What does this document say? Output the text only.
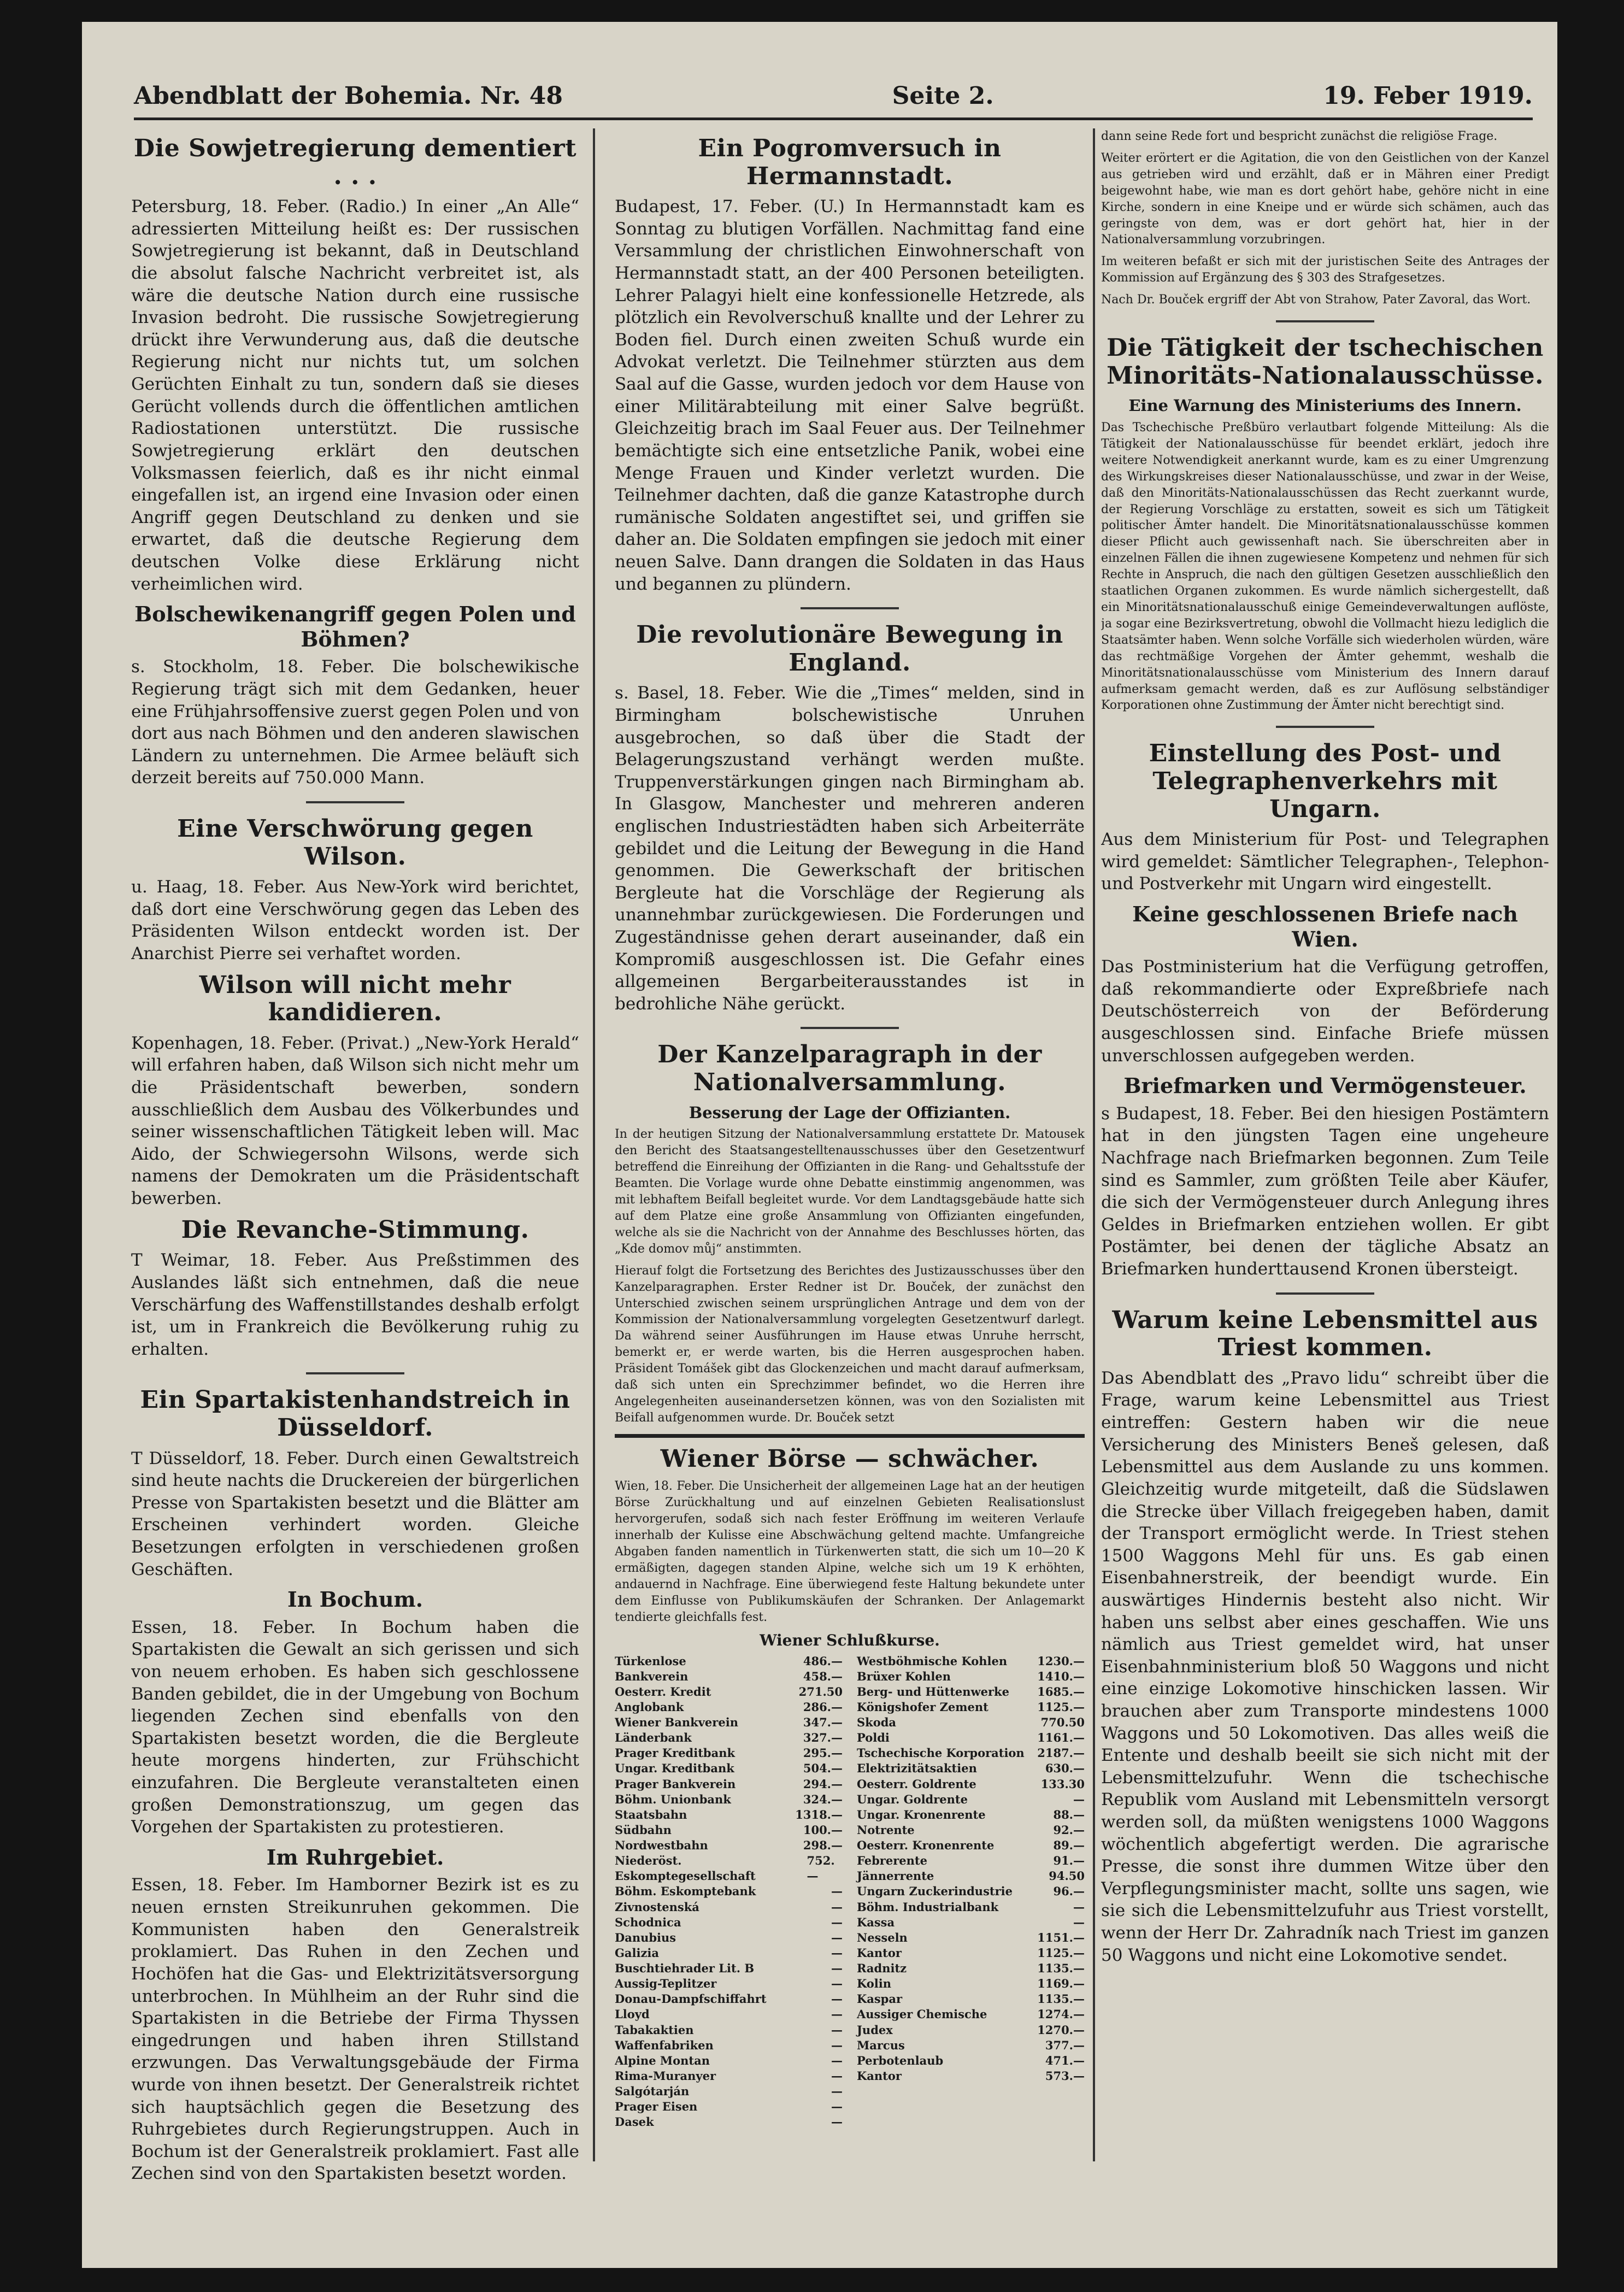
Abendblatt der Bohemia. Nr. 48	Seite 2.	19. Feber 1919.
Die Sowjetregierung dementiert . . .

Petersburg, 18. Feber. (Radio.) In einer „An Alle“ adressierten Mitteilung heißt es: Der russischen Sowjetregierung ist bekannt, daß in Deutschland die absolut falsche Nachricht verbreitet ist, als wäre die deutsche Nation durch eine russische Invasion bedroht. Die russische Sowjetregierung drückt ihre Verwunderung aus, daß die deutsche Regierung nicht nur nichts tut, um solchen Gerüchten Einhalt zu tun, sondern daß sie dieses Gerücht vollends durch die öffentlichen amtlichen Radiostationen unterstützt. Die russische Sowjetregierung erklärt den deutschen Volksmassen feierlich, daß es ihr nicht einmal eingefallen ist, an irgend eine Invasion oder einen Angriff gegen Deutschland zu denken und sie erwartet, daß die deutsche Regierung dem deutschen Volke diese Erklärung nicht verheimlichen wird.

Bolschewikenangriff gegen Polen und Böhmen?

s. Stockholm, 18. Feber. Die bolschewikische Regierung trägt sich mit dem Gedanken, heuer eine Frühjahrsoffensive zuerst gegen Polen und von dort aus nach Böhmen und den anderen slawischen Ländern zu unternehmen. Die Armee beläuft sich derzeit bereits auf 750.000 Mann.

Eine Verschwörung gegen Wilson.

u. Haag, 18. Feber. Aus New-York wird berichtet, daß dort eine Verschwörung gegen das Leben des Präsidenten Wilson entdeckt worden ist. Der Anarchist Pierre sei verhaftet worden.

Wilson will nicht mehr kandidieren.

Kopenhagen, 18. Feber. (Privat.) „New-York Herald“ will erfahren haben, daß Wilson sich nicht mehr um die Präsidentschaft bewerben, sondern ausschließlich dem Ausbau des Völkerbundes und seiner wissenschaftlichen Tätigkeit leben will. Mac Aido, der Schwiegersohn Wilsons, werde sich namens der Demokraten um die Präsidentschaft bewerben.

Die Revanche-Stimmung.

T Weimar, 18. Feber. Aus Preßstimmen des Auslandes läßt sich entnehmen, daß die neue Verschärfung des Waffenstillstandes deshalb erfolgt ist, um in Frankreich die Bevölkerung ruhig zu erhalten.

Ein Spartakistenhandstreich in Düsseldorf.

T Düsseldorf, 18. Feber. Durch einen Gewaltstreich sind heute nachts die Druckereien der bürgerlichen Presse von Spartakisten besetzt und die Blätter am Erscheinen verhindert worden. Gleiche Besetzungen erfolgten in verschiedenen großen Geschäften.

In Bochum.

Essen, 18. Feber. In Bochum haben die Spartakisten die Gewalt an sich gerissen und sich von neuem erhoben. Es haben sich geschlossene Banden gebildet, die in der Umgebung von Bochum liegenden Zechen sind ebenfalls von den Spartakisten besetzt worden, die die Bergleute heute morgens hinderten, zur Frühschicht einzufahren. Die Bergleute veranstalteten einen großen Demonstrationszug, um gegen das Vorgehen der Spartakisten zu protestieren.

Im Ruhrgebiet.

Essen, 18. Feber. Im Hamborner Bezirk ist es zu neuen ernsten Streikunruhen gekommen. Die Kommunisten haben den Generalstreik proklamiert. Das Ruhen in den Zechen und Hochöfen hat die Gas- und Elektrizitätsversorgung unterbrochen. In Mühlheim an der Ruhr sind die Spartakisten in die Betriebe der Firma Thyssen eingedrungen und haben ihren Stillstand erzwungen. Das Verwaltungsgebäude der Firma wurde von ihnen besetzt. Der Generalstreik richtet sich hauptsächlich gegen die Besetzung des Ruhrgebietes durch Regierungstruppen. Auch in Bochum ist der Generalstreik proklamiert. Fast alle Zechen sind von den Spartakisten besetzt worden.

Ein Pogromversuch in Hermannstadt.

Budapest, 17. Feber. (U.) In Hermannstadt kam es Sonntag zu blutigen Vorfällen. Nachmittag fand eine Versammlung der christlichen Einwohnerschaft von Hermannstadt statt, an der 400 Personen beteiligten. Lehrer Palagyi hielt eine konfessionelle Hetzrede, als plötzlich ein Revolverschuß knallte und der Lehrer zu Boden fiel. Durch einen zweiten Schuß wurde ein Advokat verletzt. Die Teilnehmer stürzten aus dem Saal auf die Gasse, wurden jedoch vor dem Hause von einer Militärabteilung mit einer Salve begrüßt. Gleichzeitig brach im Saal Feuer aus. Der Teilnehmer bemächtigte sich eine entsetzliche Panik, wobei eine Menge Frauen und Kinder verletzt wurden. Die Teilnehmer dachten, daß die ganze Katastrophe durch rumänische Soldaten angestiftet sei, und griffen sie daher an. Die Soldaten empfingen sie jedoch mit einer neuen Salve. Dann drangen die Soldaten in das Haus und begannen zu plündern.

Die revolutionäre Bewegung in England.

s. Basel, 18. Feber. Wie die „Times“ melden, sind in Birmingham bolschewistische Unruhen ausgebrochen, so daß über die Stadt der Belagerungszustand verhängt werden mußte. Truppenverstärkungen gingen nach Birmingham ab. In Glasgow, Manchester und mehreren anderen englischen Industriestädten haben sich Arbeiterräte gebildet und die Leitung der Bewegung in die Hand genommen. Die Gewerkschaft der britischen Bergleute hat die Vorschläge der Regierung als unannehmbar zurückgewiesen. Die Forderungen und Zugeständnisse gehen derart auseinander, daß ein Kompromiß ausgeschlossen ist. Die Gefahr eines allgemeinen Bergarbeiterausstandes ist in bedrohliche Nähe gerückt.

Der Kanzelparagraph in der Nationalversammlung.
Besserung der Lage der Offizianten.

In der heutigen Sitzung der Nationalversammlung erstattete Dr. Matousek den Bericht des Staatsangestelltenausschusses über den Gesetzentwurf betreffend die Einreihung der Offizianten in die Rang- und Gehaltsstufe der Beamten. Die Vorlage wurde ohne Debatte einstimmig angenommen, was mit lebhaftem Beifall begleitet wurde. Vor dem Landtagsgebäude hatte sich auf dem Platze eine große Ansammlung von Offizianten eingefunden, welche als sie die Nachricht von der Annahme des Beschlusses hörten, das „Kde domov můj“ anstimmten.

Hierauf folgt die Fortsetzung des Berichtes des Justizausschusses über den Kanzelparagraphen. Erster Redner ist Dr. Bouček, der zunächst den Unterschied zwischen seinem ursprünglichen Antrage und dem von der Kommission der Nationalversammlung vorgelegten Gesetzentwurf darlegt. Da während seiner Ausführungen im Hause etwas Unruhe herrscht, bemerkt er, er werde warten, bis die Herren ausgesprochen haben. Präsident Tomášek gibt das Glockenzeichen und macht darauf aufmerksam, daß sich unten ein Sprechzimmer befindet, wo die Herren ihre Angelegenheiten auseinandersetzen können, was von den Sozialisten mit Beifall aufgenommen wurde. Dr. Bouček setzt

Wiener Börse — schwächer.

Wien, 18. Feber. Die Unsicherheit der allgemeinen Lage hat an der heutigen Börse Zurückhaltung und auf einzelnen Gebieten Realisationslust hervorgerufen, sodaß sich nach fester Eröffnung im weiteren Verlaufe innerhalb der Kulisse eine Abschwächung geltend machte. Umfangreiche Abgaben fanden namentlich in Türkenwerten statt, die sich um 10—20 K ermäßigten, dagegen standen Alpine, welche sich um 19 K erhöhten, andauernd in Nachfrage. Eine überwiegend feste Haltung bekundete unter dem Einflusse von Publikumskäufen der Schranken. Der Anlagemarkt tendierte gleichfalls fest.

Wiener Schlußkurse.
Türkenlose	486.—
Bankverein	458.—
Oesterr. Kredit	271.50
Anglobank	286.—
Wiener Bankverein	347.—
Länderbank	327.—
Prager Kreditbank	295.—
Ungar. Kreditbank	504.—
Prager Bankverein	294.—
Böhm. Unionbank	324.—
Staatsbahn	1318.—
Südbahn	100.—
Nordwestbahn	298.—
Niederöst. Eskomptegesellschaft
752.—
Böhm. Eskomptebank	—
Zivnostenská	—
Schodnica	—
Danubius	—
Galizia	—
Buschtiehrader Lit. B	—
Aussig-Teplitzer	—
Donau-Dampfschiffahrt	—
Lloyd	—
Tabakaktien	—
Waffenfabriken	—
Alpine Montan	—
Rima-Muranyer	—
Salgótarján	—
Prager Eisen	—
Dasek	—
Westböhmische Kohlen	1230.—
Brüxer Kohlen	1410.—
Berg- und Hüttenwerke 1685.—
Königshofer Zement	1125.—
Skoda	770.50
Poldi	1161.—
Tschechische Korporation 2187.—
Elektrizitätsaktien	630.—
Oesterr. Goldrente	133.30
Ungar. Goldrente	—
Ungar. Kronenrente	88.—
Notrente	92.—
Oesterr. Kronenrente	89.—
Febrerente	91.—
Jännerrente	94.50
Ungarn Zuckerindustrie	96.—
Böhm. Industrialbank	—
Kassa	—
Nesseln	1151.—
Kantor	1125.—
Radnitz	1135.—
Kolin	1169.—
Kaspar	1135.—
Aussiger Chemische	1274.—
Judex	1270.—
Marcus	377.—
Perbotenlaub	471.—
Kantor	573.—

dann seine Rede fort und bespricht zunächst die religiöse Frage.

Weiter erörtert er die Agitation, die von den Geistlichen von der Kanzel aus getrieben wird und erzählt, daß er in Mähren einer Predigt beigewohnt habe, wie man es dort gehört habe, gehöre nicht in eine Kirche, sondern in eine Kneipe und er würde sich schämen, auch das geringste von dem, was er dort gehört hat, hier in der Nationalversammlung vorzubringen.

Im weiteren befaßt er sich mit der juristischen Seite des Antrages der Kommission auf Ergänzung des § 303 des Strafgesetzes.

Nach Dr. Bouček ergriff der Abt von Strahow, Pater Zavoral, das Wort.

Die Tätigkeit der tschechischen Minoritäts-Nationalausschüsse.
Eine Warnung des Ministeriums des Innern.

Das Tschechische Preßbüro verlautbart folgende Mitteilung: Als die Tätigkeit der Nationalausschüsse für beendet erklärt, jedoch ihre weitere Notwendigkeit anerkannt wurde, kam es zu einer Umgrenzung des Wirkungskreises dieser Nationalausschüsse, und zwar in der Weise, daß den Minoritäts-Nationalausschüssen das Recht zuerkannt wurde, der Regierung Vorschläge zu erstatten, soweit es sich um Tätigkeit politischer Ämter handelt. Die Minoritätsnationalausschüsse kommen dieser Pflicht auch gewissenhaft nach. Sie überschreiten aber in einzelnen Fällen die ihnen zugewiesene Kompetenz und nehmen für sich Rechte in Anspruch, die nach den gültigen Gesetzen ausschließlich den staatlichen Organen zukommen. Es wurde nämlich sichergestellt, daß ein Minoritätsnationalausschuß einige Gemeindeverwaltungen auflöste, ja sogar eine Bezirksvertretung, obwohl die Vollmacht hiezu lediglich die Staatsämter haben. Wenn solche Vorfälle sich wiederholen würden, wäre das rechtmäßige Vorgehen der Ämter gehemmt, weshalb die Minoritätsnationalausschüsse vom Ministerium des Innern darauf aufmerksam gemacht werden, daß es zur Auflösung selbständiger Korporationen ohne Zustimmung der Ämter nicht berechtigt sind.

Einstellung des Post- und Telegraphenverkehrs mit Ungarn.

Aus dem Ministerium für Post- und Telegraphen wird gemeldet: Sämtlicher Telegraphen-, Telephon- und Postverkehr mit Ungarn wird eingestellt.

Keine geschlossenen Briefe nach Wien.

Das Postministerium hat die Verfügung getroffen, daß rekommandierte oder Expreßbriefe nach Deutschösterreich von der Beförderung ausgeschlossen sind. Einfache Briefe müssen unverschlossen aufgegeben werden.

Briefmarken und Vermögensteuer.

s Budapest, 18. Feber. Bei den hiesigen Postämtern hat in den jüngsten Tagen eine ungeheure Nachfrage nach Briefmarken begonnen. Zum Teile sind es Sammler, zum größten Teile aber Käufer, die sich der Vermögensteuer durch Anlegung ihres Geldes in Briefmarken entziehen wollen. Er gibt Postämter, bei denen der tägliche Absatz an Briefmarken hunderttausend Kronen übersteigt.

Warum keine Lebensmittel aus Triest kommen.

Das Abendblatt des „Pravo lidu“ schreibt über die Frage, warum keine Lebensmittel aus Triest eintreffen: Gestern haben wir die neue Versicherung des Ministers Beneš gelesen, daß Lebensmittel aus dem Auslande zu uns kommen. Gleichzeitig wurde mitgeteilt, daß die Südslawen die Strecke über Villach freigegeben haben, damit der Transport ermöglicht werde. In Triest stehen 1500 Waggons Mehl für uns. Es gab einen Eisenbahnerstreik, der beendigt wurde. Ein auswärtiges Hindernis besteht also nicht. Wir haben uns selbst aber eines geschaffen. Wie uns nämlich aus Triest gemeldet wird, hat unser Eisenbahnministerium bloß 50 Waggons und nicht eine einzige Lokomotive hinschicken lassen. Wir brauchen aber zum Transporte mindestens 1000 Waggons und 50 Lokomotiven. Das alles weiß die Entente und deshalb beeilt sie sich nicht mit der Lebensmittelzufuhr. Wenn die tschechische Republik vom Ausland mit Lebensmitteln versorgt werden soll, da müßten wenigstens 1000 Waggons wöchentlich abgefertigt werden. Die agrarische Presse, die sonst ihre dummen Witze über den Verpflegungsminister macht, sollte uns sagen, wie sie sich die Lebensmittelzufuhr aus Triest vorstellt, wenn der Herr Dr. Zahradník nach Triest im ganzen 50 Waggons und nicht eine Lokomotive sendet.
